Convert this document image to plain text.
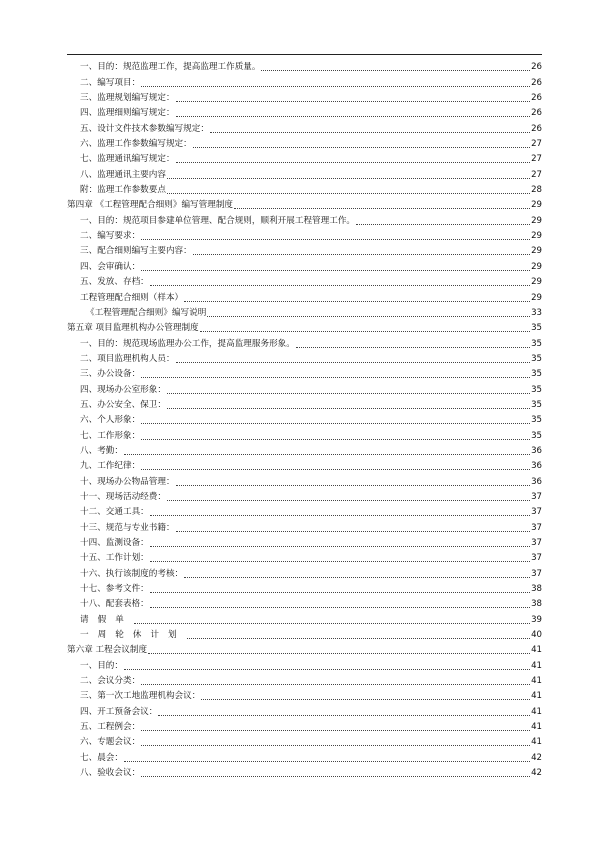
一、目的：规范监理工作，提高监理工作质量。	26
二、编写项目：	26
三、监理规划编写规定：	26
四、监理细则编写规定：	26
五、设计文件技术参数编写规定：	26
六、监理工作参数编写规定：	27
七、监理通讯编写规定：	27
八、监理通讯主要内容	27
附：监理工作参数要点	28
第四章 《工程管理配合细则》编写管理制度	29
一、目的：规范项目参建单位管理、配合规则，顺利开展工程管理工作。	29
二、编写要求：	29
三、配合细则编写主要内容：	29
四、会审确认：	29
五、发放、存档：	29
工程管理配合细则（样本）	29
《工程管理配合细则》编写说明	33
第五章 项目监理机构办公管理制度	35
一、目的：规范现场监理办公工作，提高监理服务形象。	35
二、项目监理机构人员：	35
三、办公设备：	35
四、现场办公室形象：	35
五、办公安全、保卫：	35
六、个人形象：	35
七、工作形象：	35
八、考勤：	36
九、工作纪律：	36
十、现场办公物品管理：	36
十一、现场活动经费：	37
十二、交通工具：	37
十三、规范与专业书籍：	37
十四、监测设备：	37
十五、工作计划：	37
十六、执行该制度的考核：	37
十七、参考文件：	38
十八、配套表格：	38
请假单	39
一周轮休计划	40
第六章 工程会议制度	41
一、目的：	41
二、会议分类：	41
三、第一次工地监理机构会议：	41
四、开工预备会议：	41
五、工程例会：	41
六、专题会议：	41
七、晨会：	42
八、验收会议：	42
